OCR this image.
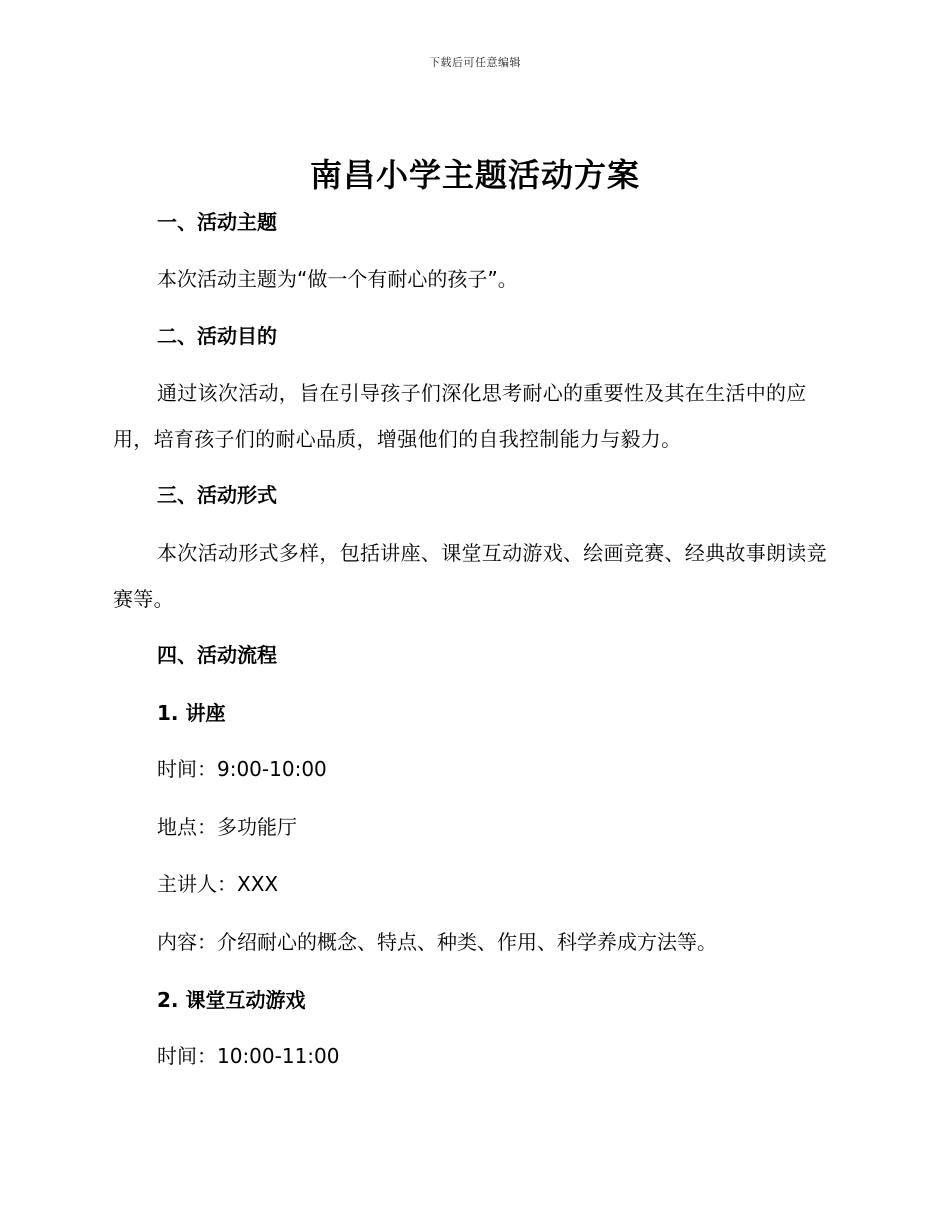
下载后可任意编辑
南昌小学主题活动方案
一、活动主题
本次活动主题为“做一个有耐心的孩子”。
二、活动目的
通过该次活动，旨在引导孩子们深化思考耐心的重要性及其在生活中的应用，培育孩子们的耐心品质，增强他们的自我控制能力与毅力。
三、活动形式
本次活动形式多样，包括讲座、课堂互动游戏、绘画竞赛、经典故事朗读竞赛等。
四、活动流程
1. 讲座
时间：9:00-10:00
地点：多功能厅
主讲人：XXX
内容：介绍耐心的概念、特点、种类、作用、科学养成方法等。
2. 课堂互动游戏
时间：10:00-11:00
